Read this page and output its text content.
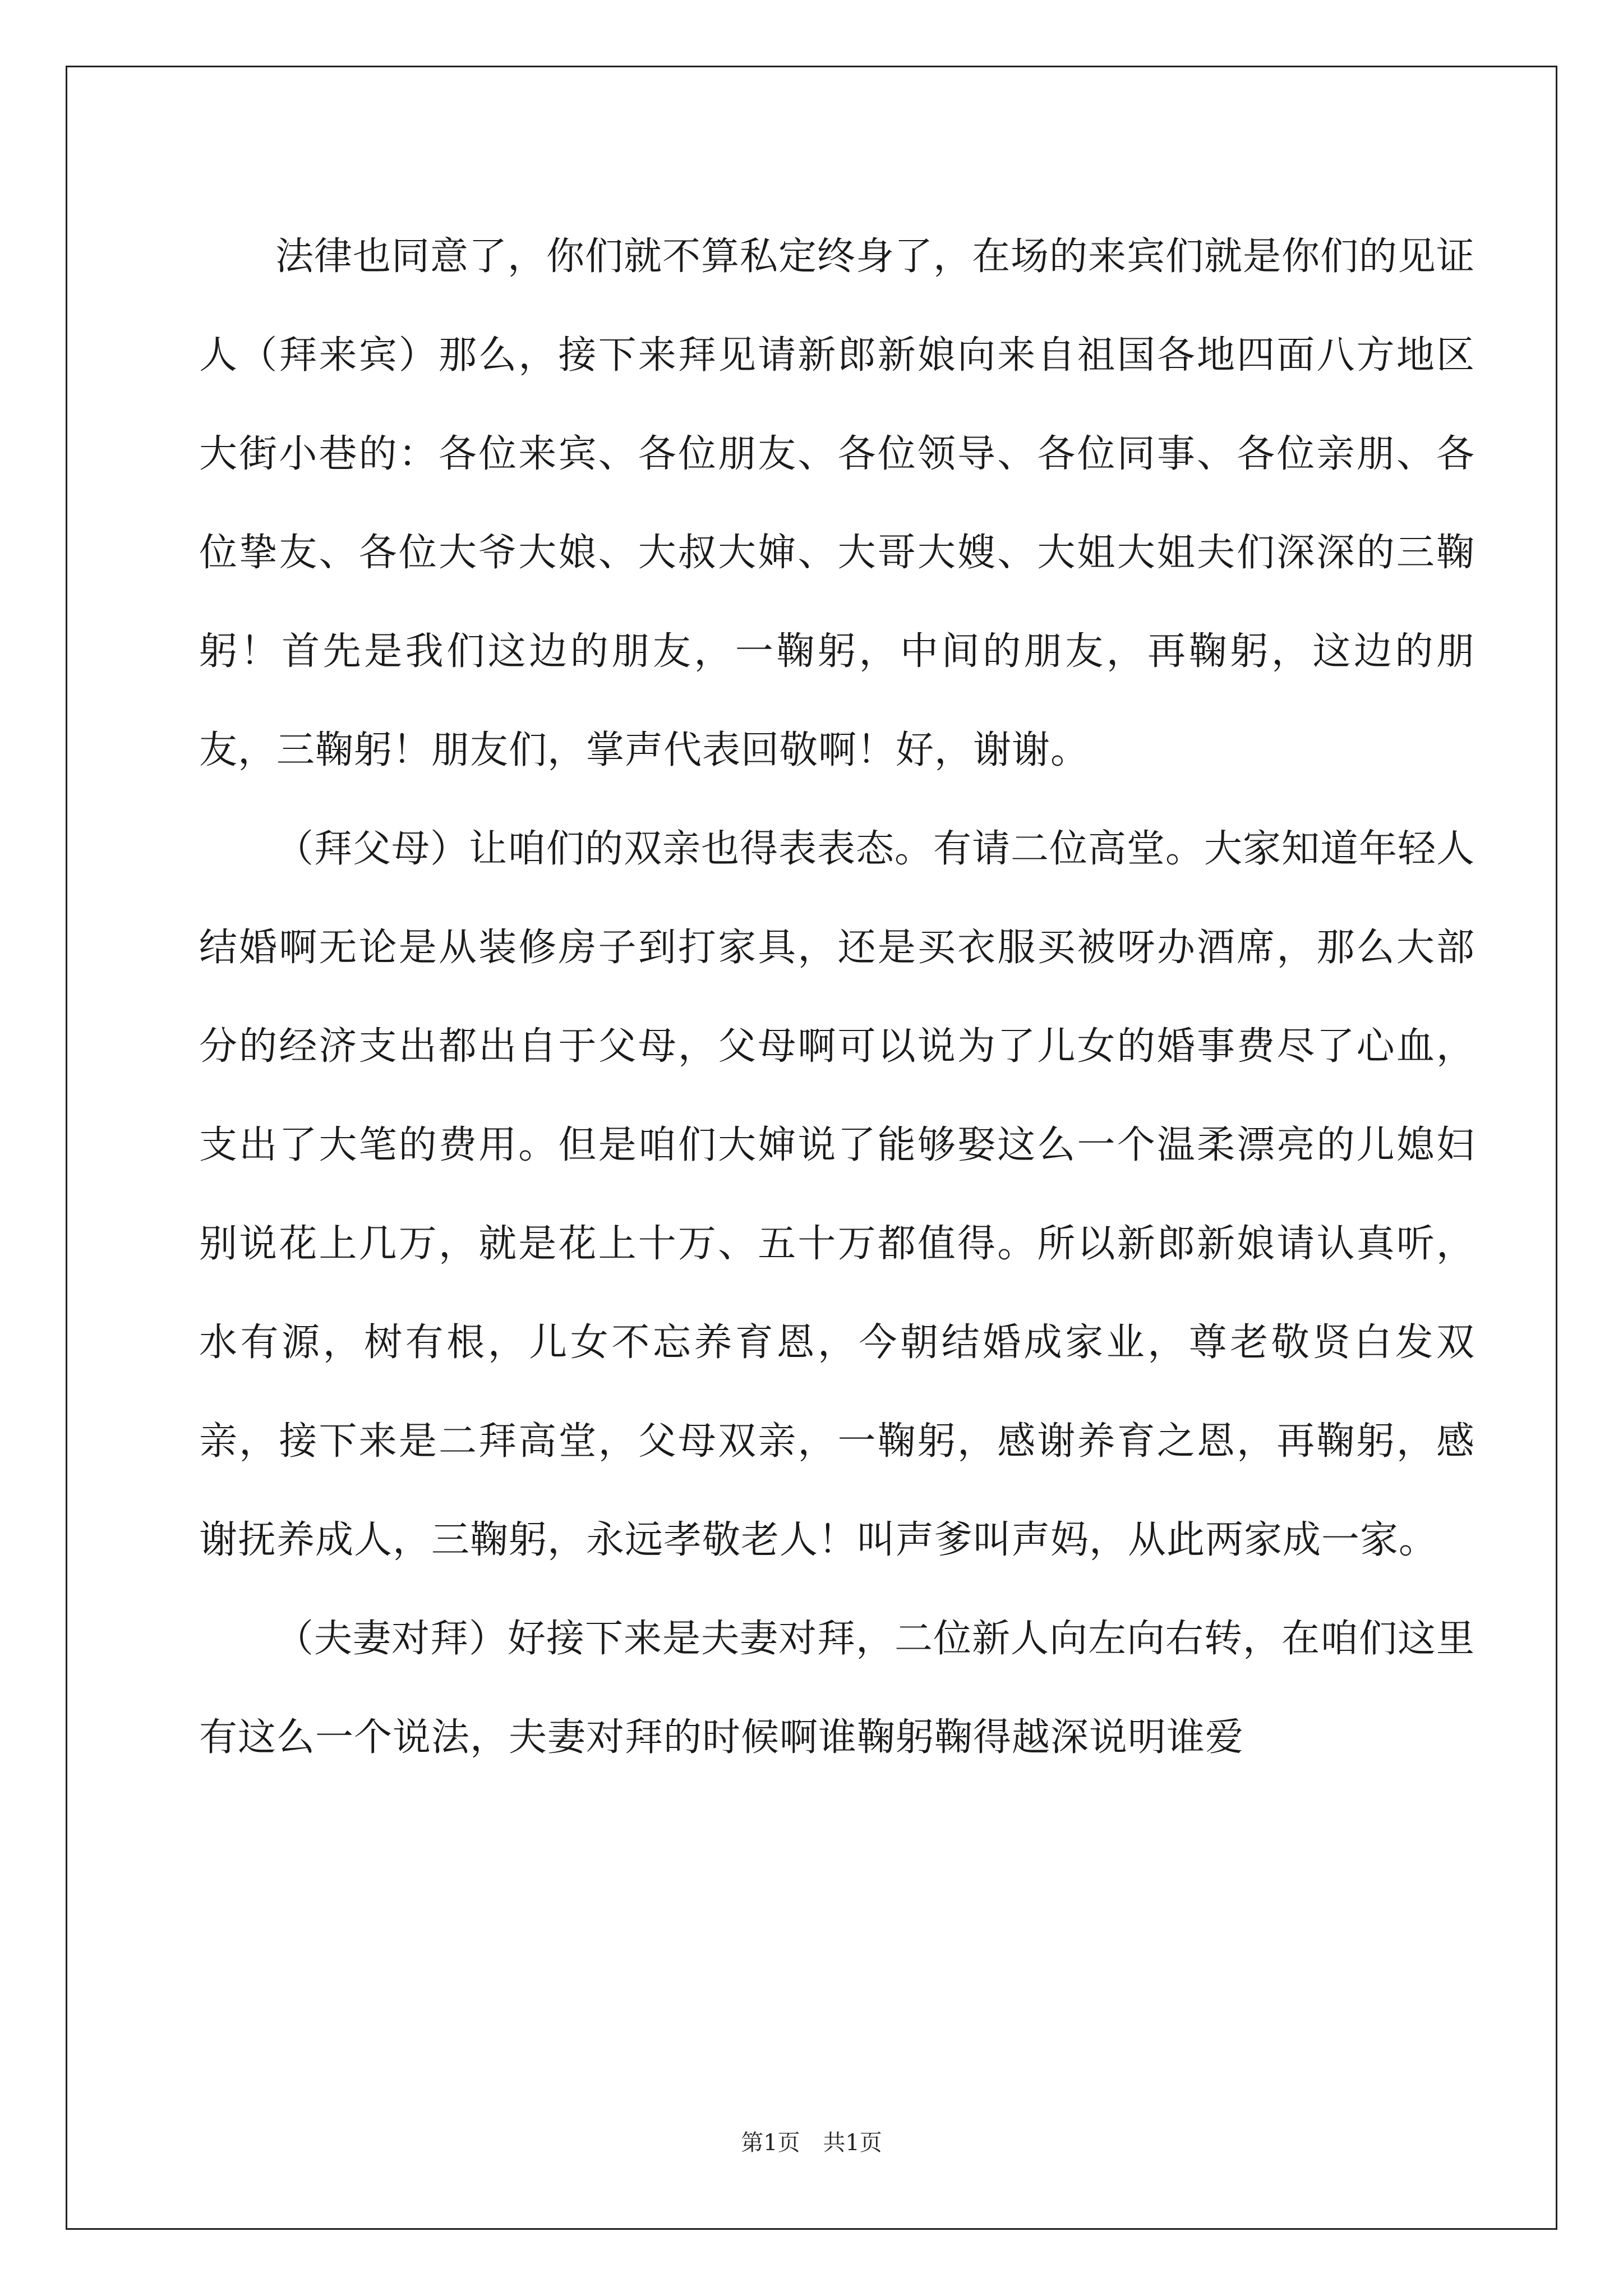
法律也同意了，你们就不算私定终身了，在场的来宾们就是你们的见证人（拜来宾）那么，接下来拜见请新郎新娘向来自祖国各地四面八方地区大街小巷的：各位来宾、各位朋友、各位领导、各位同事、各位亲朋、各位挚友、各位大爷大娘、大叔大婶、大哥大嫂、大姐大姐夫们深深的三鞠躬！首先是我们这边的朋友，一鞠躬，中间的朋友，再鞠躬，这边的朋友，三鞠躬！朋友们，掌声代表回敬啊！好，谢谢。

（拜父母）让咱们的双亲也得表表态。有请二位高堂。大家知道年轻人结婚啊无论是从装修房子到打家具，还是买衣服买被呀办酒席，那么大部分的经济支出都出自于父母，父母啊可以说为了儿女的婚事费尽了心血，支出了大笔的费用。但是咱们大婶说了能够娶这么一个温柔漂亮的儿媳妇别说花上几万，就是花上十万、五十万都值得。所以新郎新娘请认真听，水有源，树有根，儿女不忘养育恩，今朝结婚成家业，尊老敬贤白发双亲，接下来是二拜高堂，父母双亲，一鞠躬，感谢养育之恩，再鞠躬，感谢抚养成人，三鞠躬，永远孝敬老人！叫声爹叫声妈，从此两家成一家。

（夫妻对拜）好接下来是夫妻对拜，二位新人向左向右转，在咱们这里有这么一个说法，夫妻对拜的时候啊谁鞠躬鞠得越深说明谁爱

第1页 共1页
